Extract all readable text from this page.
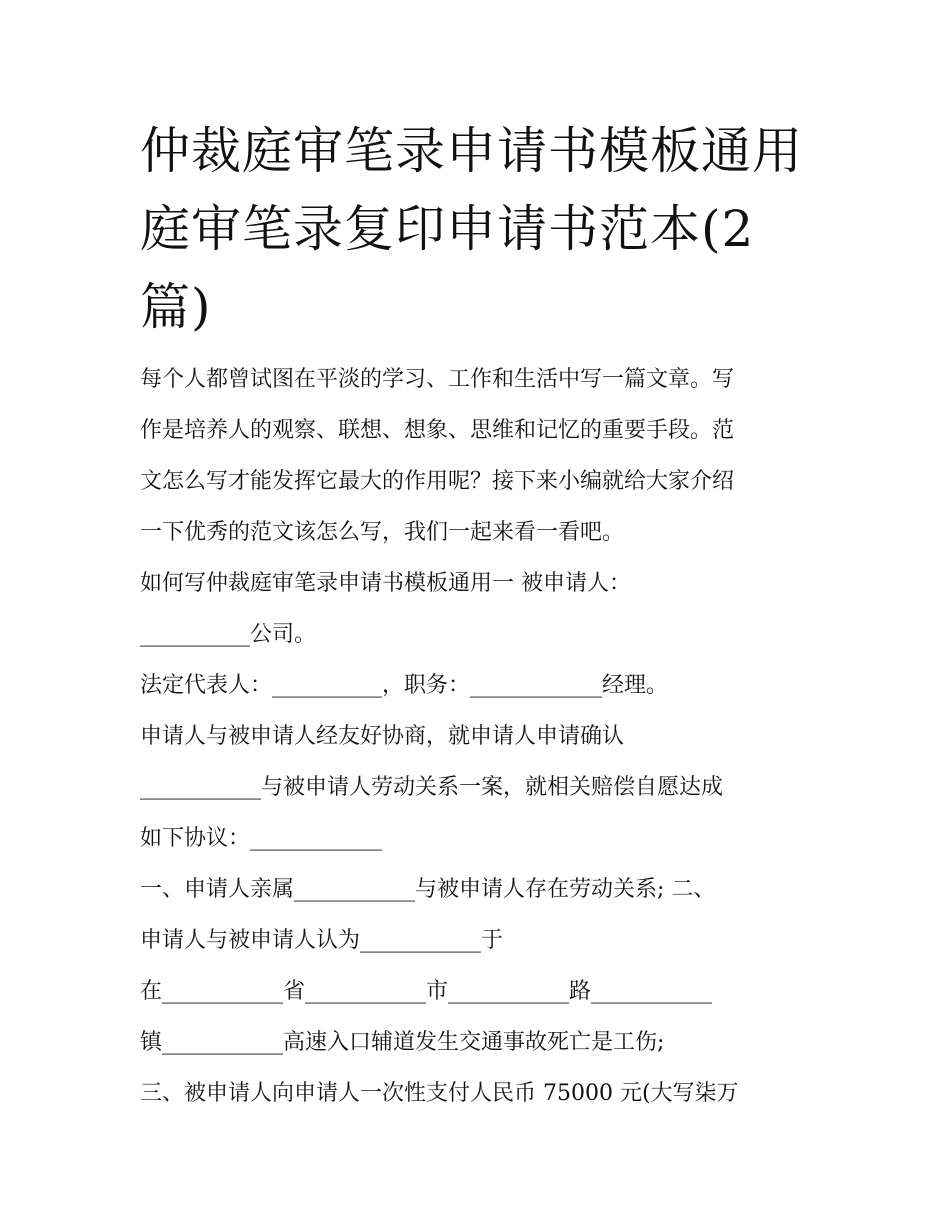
仲裁庭审笔录申请书模板通用
庭审笔录复印申请书范本(2
篇)
每个人都曾试图在平淡的学习、工作和生活中写一篇文章。写
作是培养人的观察、联想、想象、思维和记忆的重要手段。范
文怎么写才能发挥它最大的作用呢？接下来小编就给大家介绍
一下优秀的范文该怎么写，我们一起来看一看吧。
如何写仲裁庭审笔录申请书模板通用一 被申请人：
__________公司。
法定代表人：__________，职务：____________经理。
申请人与被申请人经友好协商，就申请人申请确认
___________与被申请人劳动关系一案，就相关赔偿自愿达成
如下协议：____________
一、申请人亲属___________与被申请人存在劳动关系; 二、
申请人与被申请人认为___________于
在___________省___________市___________路___________
镇___________高速入口辅道发生交通事故死亡是工伤;
三、被申请人向申请人一次性支付人民币 75000 元(大写柒万
